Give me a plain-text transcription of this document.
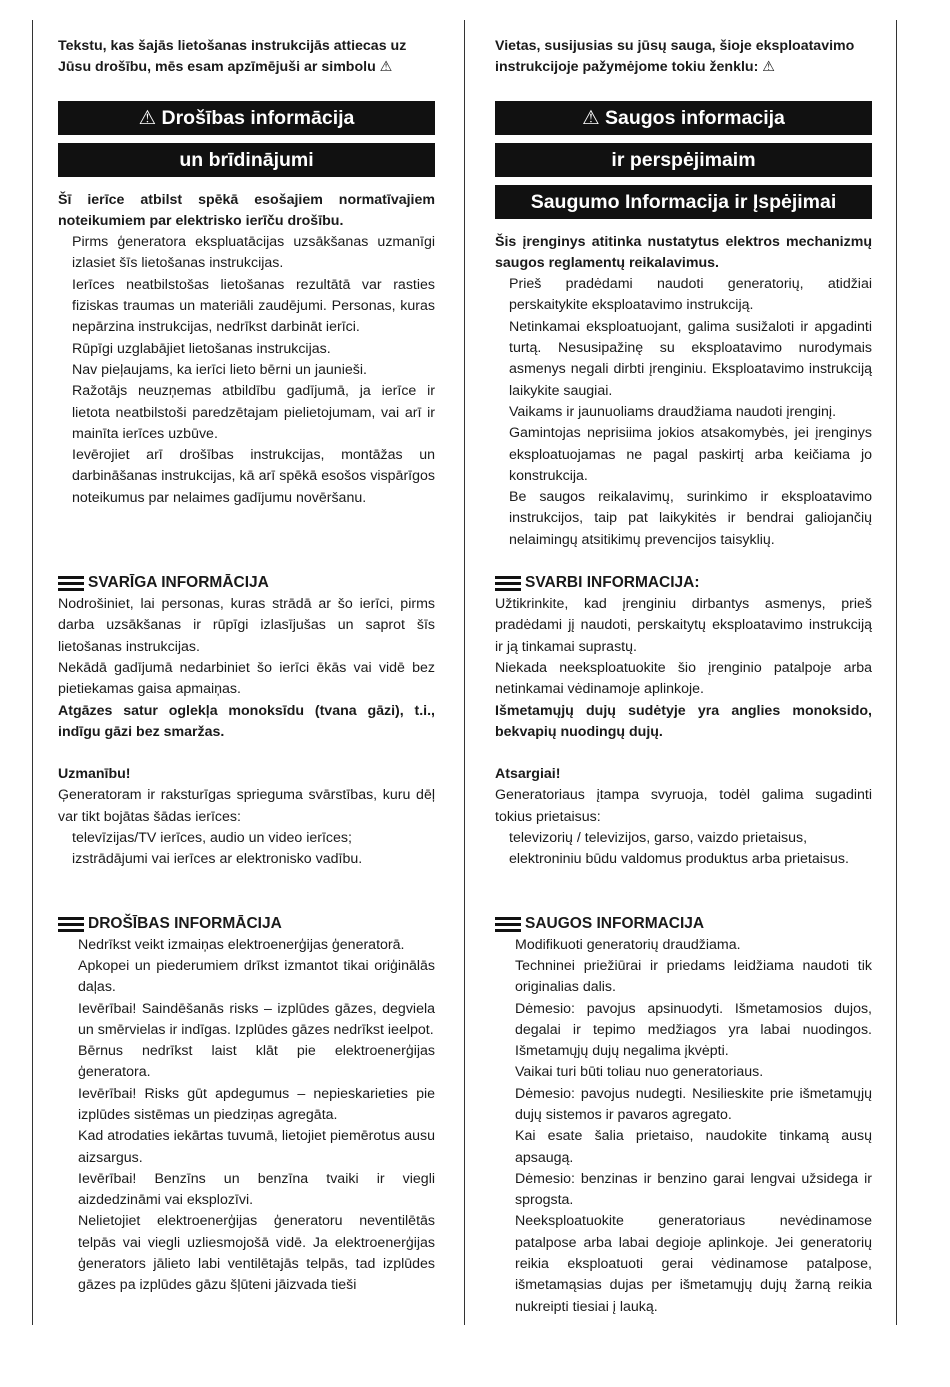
Tekstu, kas šajās lietošanas instrukcijās attiecas uz Jūsu drošību, mēs esam apzīmējuši ar simbolu ⚠

⚠ Drošības informācija
un brīdinājumi

Šī ierīce atbilst spēkā esošajiem normatīvajiem noteikumiem par elektrisko ierīču drošību.

Pirms ģeneratora ekspluatācijas uzsākšanas uzmanīgi izlasiet šīs lietošanas instrukcijas.

Ierīces neatbilstošas lietošanas rezultātā var rasties fiziskas traumas un materiāli zaudējumi. Personas, kuras nepārzina instrukcijas, nedrīkst darbināt ierīci.

Rūpīgi uzglabājiet lietošanas instrukcijas.

Nav pieļaujams, ka ierīci lieto bērni un jaunieši.

Ražotājs neuzņemas atbildību gadījumā, ja ierīce ir lietota neatbilstoši paredzētajam pielietojumam, vai arī ir mainīta ierīces uzbūve.

Ievērojiet arī drošības instrukcijas, montāžas un darbināšanas instrukcijas, kā arī spēkā esošos vispārīgos noteikumus par nelaimes gadījumu novēršanu.

SVARĪGA INFORMĀCIJA

Nodrošiniet, lai personas, kuras strādā ar šo ierīci, pirms darba uzsākšanas ir rūpīgi izlasījušas un saprot šīs lietošanas instrukcijas.

Nekādā gadījumā nedarbiniet šo ierīci ēkās vai vidē bez pietiekamas gaisa apmaiņas.

Atgāzes satur oglekļa monoksīdu (tvana gāzi), t.i., indīgu gāzi bez smaržas.

Uzmanību!

Ģeneratoram ir raksturīgas sprieguma svārstības, kuru dēļ var tikt bojātas šādas ierīces:

televīzijas/TV ierīces, audio un video ierīces;

izstrādājumi vai ierīces ar elektronisko vadību.

DROŠĪBAS INFORMĀCIJA

Nedrīkst veikt izmaiņas elektroenerģijas ģeneratorā.

Apkopei un piederumiem drīkst izmantot tikai oriģinālās daļas.

Ievērībai! Saindēšanās risks – izplūdes gāzes, degviela un smērvielas ir indīgas. Izplūdes gāzes nedrīkst ieelpot.

Bērnus nedrīkst laist klāt pie elektroenerģijas ģeneratora.

Ievērībai! Risks gūt apdegumus – nepieskarieties pie izplūdes sistēmas un piedziņas agregāta.

Kad atrodaties iekārtas tuvumā, lietojiet piemērotus ausu aizsargus.

Ievērībai! Benzīns un benzīna tvaiki ir viegli aizdedzināmi vai eksplozīvi.

Nelietojiet elektroenerģijas ģeneratoru neventilētās telpās vai viegli uzliesmojošā vidē. Ja elektroenerģijas ģenerators jālieto labi ventilētajās telpās, tad izplūdes gāzes pa izplūdes gāzu šļūteni jāizvada tieši

Vietas, susijusias su jūsų sauga, šioje eksploatavimo instrukcijoje pažymėjome tokiu ženklu: ⚠

⚠ Saugos informacija
ir perspėjimaim
Saugumo Informacija ir Įspėjimai

Šis įrenginys atitinka nustatytus elektros mechanizmų saugos reglamentų reikalavimus.

Prieš pradėdami naudoti generatorių, atidžiai perskaitykite eksploatavimo instrukciją.

Netinkamai eksploatuojant, galima susižaloti ir apgadinti turtą. Nesusipažinę su eksploatavimo nurodymais asmenys negali dirbti įrenginiu. Eksploatavimo instrukciją laikykite saugiai.

Vaikams ir jaunuoliams draudžiama naudoti įrenginį.

Gamintojas neprisiima jokios atsakomybės, jei įrenginys eksploatuojamas ne pagal paskirtį arba keičiama jo konstrukcija.

Be saugos reikalavimų, surinkimo ir eksploatavimo instrukcijos, taip pat laikykitės ir bendrai galiojančių nelaimingų atsitikimų prevencijos taisyklių.

SVARBI INFORMACIJA:

Užtikrinkite, kad įrenginiu dirbantys asmenys, prieš pradėdami jį naudoti, perskaitytų eksploatavimo instrukciją ir ją tinkamai suprastų.

Niekada neeksploatuokite šio įrenginio patalpoje arba netinkamai vėdinamoje aplinkoje.

Išmetamųjų dujų sudėtyje yra anglies monoksido, bekvapių nuodingų dujų.

Atsargiai!

Generatoriaus įtampa svyruoja, todėl galima sugadinti tokius prietaisus:

televizorių / televizijos, garso, vaizdo prietaisus,

elektroniniu būdu valdomus produktus arba prietaisus.

SAUGOS INFORMACIJA

Modifikuoti generatorių draudžiama.

Techninei priežiūrai ir priedams leidžiama naudoti tik originalias dalis.

Dėmesio: pavojus apsinuodyti. Išmetamosios dujos, degalai ir tepimo medžiagos yra labai nuodingos. Išmetamųjų dujų negalima įkvėpti.

Vaikai turi būti toliau nuo generatoriaus.

Dėmesio: pavojus nudegti. Nesilieskite prie išmetamųjų dujų sistemos ir pavaros agregato.

Kai esate šalia prietaiso, naudokite tinkamą ausų apsaugą.

Dėmesio: benzinas ir benzino garai lengvai užsidega ir sprogsta.

Neeksploatuokite generatoriaus nevėdinamose patalpose arba labai degioje aplinkoje. Jei generatorių reikia eksploatuoti gerai vėdinamose patalpose, išmetamąsias dujas per išmetamųjų dujų žarną reikia nukreipti tiesiai į lauką.
